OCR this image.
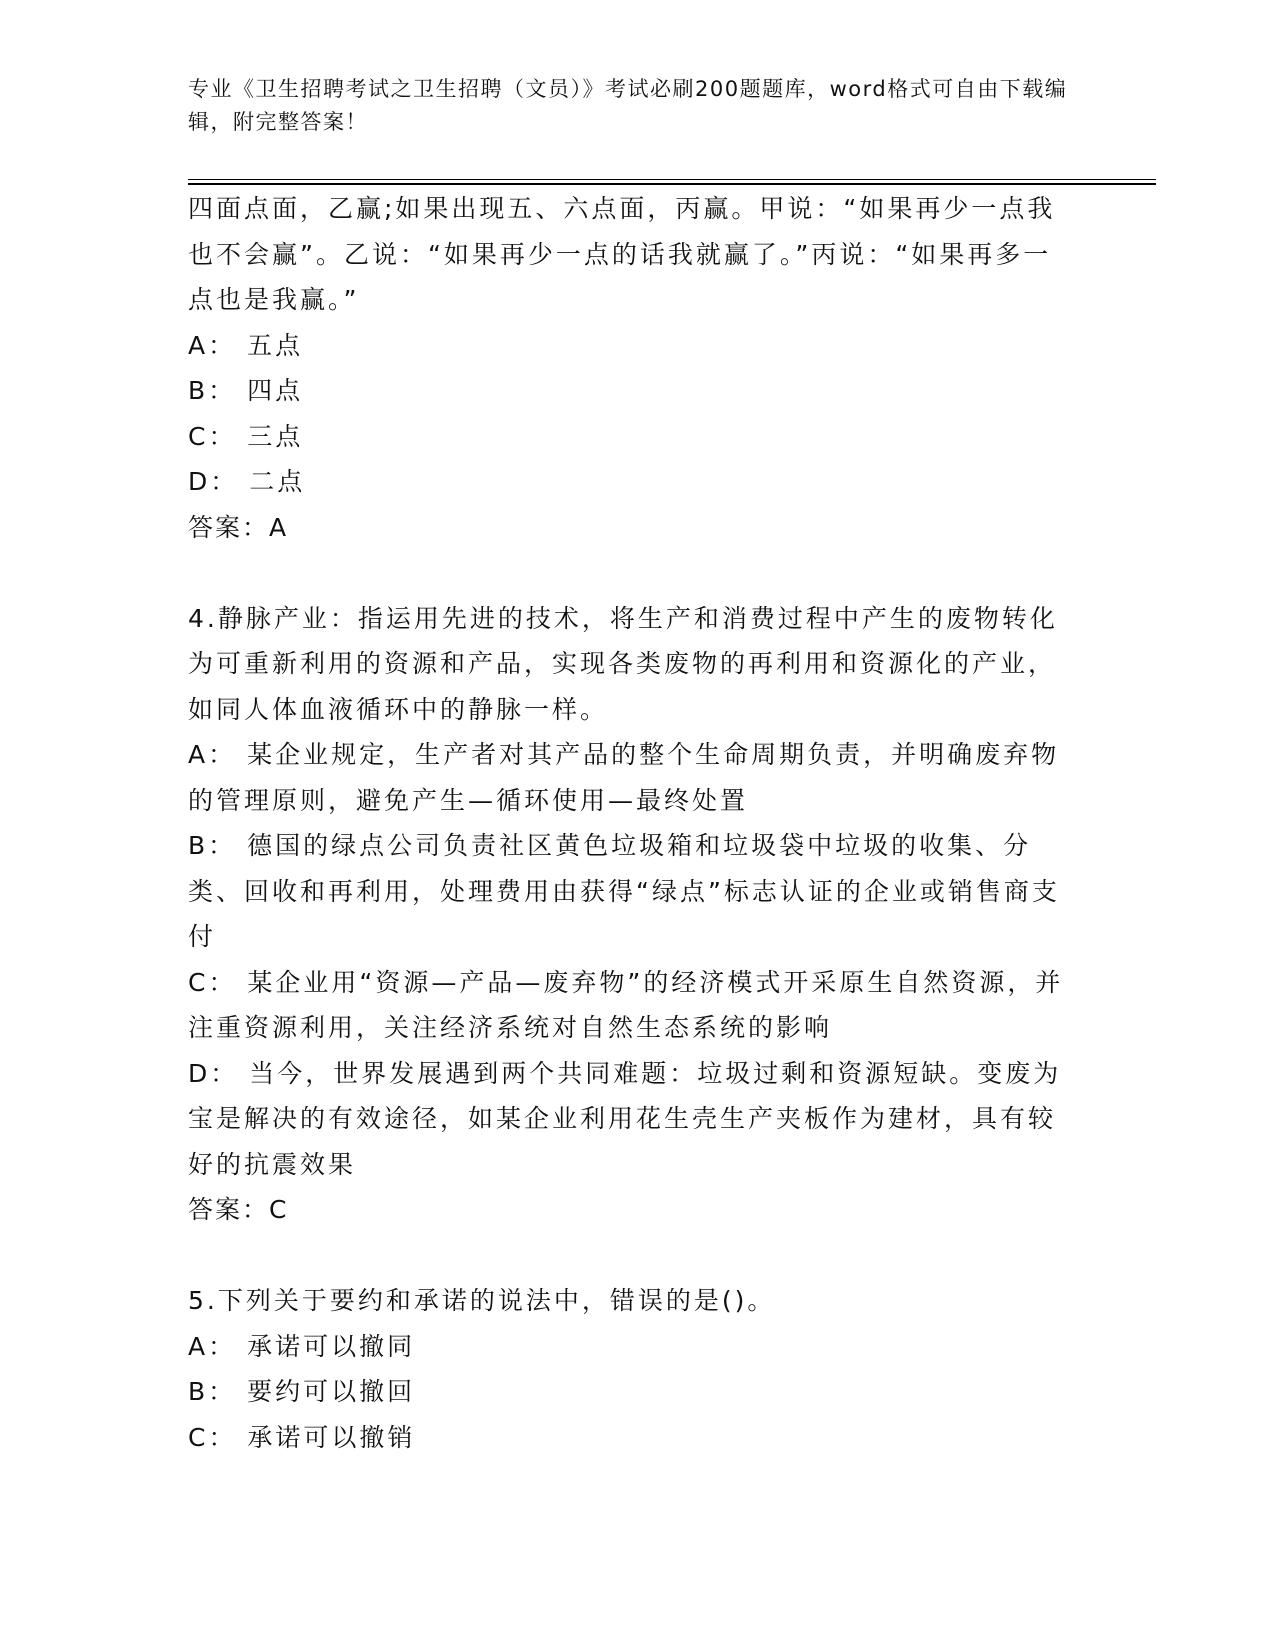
专业《卫生招聘考试之卫生招聘（文员）》考试必刷200题题库，word格式可自由下载编辑，附完整答案！

四面点面，乙赢;如果出现五、六点面，丙赢。甲说：“如果再少一点我也不会赢”。乙说：“如果再少一点的话我就赢了。”丙说：“如果再多一点也是我赢。”

A： 五点

B： 四点

C： 三点

D： 二点

答案：A

4.静脉产业：指运用先进的技术，将生产和消费过程中产生的废物转化为可重新利用的资源和产品，实现各类废物的再利用和资源化的产业，如同人体血液循环中的静脉一样。

A： 某企业规定，生产者对其产品的整个生命周期负责，并明确废弃物的管理原则，避免产生—循环使用—最终处置

B： 德国的绿点公司负责社区黄色垃圾箱和垃圾袋中垃圾的收集、分类、回收和再利用，处理费用由获得“绿点”标志认证的企业或销售商支付

C： 某企业用“资源—产品—废弃物”的经济模式开采原生自然资源，并注重资源利用，关注经济系统对自然生态系统的影响

D： 当今，世界发展遇到两个共同难题：垃圾过剩和资源短缺。变废为宝是解决的有效途径，如某企业利用花生壳生产夹板作为建材，具有较好的抗震效果

答案：C

5.下列关于要约和承诺的说法中，错误的是()。

A： 承诺可以撤同

B： 要约可以撤回

C： 承诺可以撤销
